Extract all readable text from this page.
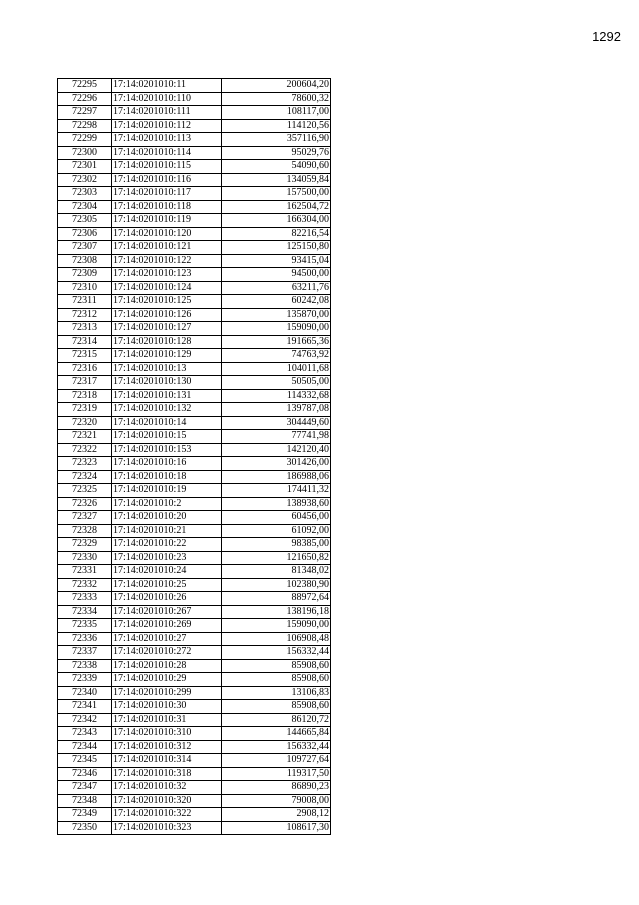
1292
72295	17:14:0201010:11	200604,20
72296	17:14:0201010:110	78600,32
72297	17:14:0201010:111	108117,00
72298	17:14:0201010:112	114120,56
72299	17:14:0201010:113	357116,90
72300	17:14:0201010:114	95029,76
72301	17:14:0201010:115	54090,60
72302	17:14:0201010:116	134059,84
72303	17:14:0201010:117	157500,00
72304	17:14:0201010:118	162504,72
72305	17:14:0201010:119	166304,00
72306	17:14:0201010:120	82216,54
72307	17:14:0201010:121	125150,80
72308	17:14:0201010:122	93415,04
72309	17:14:0201010:123	94500,00
72310	17:14:0201010:124	63211,76
72311	17:14:0201010:125	60242,08
72312	17:14:0201010:126	135870,00
72313	17:14:0201010:127	159090,00
72314	17:14:0201010:128	191665,36
72315	17:14:0201010:129	74763,92
72316	17:14:0201010:13	104011,68
72317	17:14:0201010:130	50505,00
72318	17:14:0201010:131	114332,68
72319	17:14:0201010:132	139787,08
72320	17:14:0201010:14	304449,60
72321	17:14:0201010:15	77741,98
72322	17:14:0201010:153	142120,40
72323	17:14:0201010:16	301426,00
72324	17:14:0201010:18	186988,06
72325	17:14:0201010:19	174411,32
72326	17:14:0201010:2	138938,60
72327	17:14:0201010:20	60456,00
72328	17:14:0201010:21	61092,00
72329	17:14:0201010:22	98385,00
72330	17:14:0201010:23	121650,82
72331	17:14:0201010:24	81348,02
72332	17:14:0201010:25	102380,90
72333	17:14:0201010:26	88972,64
72334	17:14:0201010:267	138196,18
72335	17:14:0201010:269	159090,00
72336	17:14:0201010:27	106908,48
72337	17:14:0201010:272	156332,44
72338	17:14:0201010:28	85908,60
72339	17:14:0201010:29	85908,60
72340	17:14:0201010:299	13106,83
72341	17:14:0201010:30	85908,60
72342	17:14:0201010:31	86120,72
72343	17:14:0201010:310	144665,84
72344	17:14:0201010:312	156332,44
72345	17:14:0201010:314	109727,64
72346	17:14:0201010:318	119317,50
72347	17:14:0201010:32	86890,23
72348	17:14:0201010:320	79008,00
72349	17:14:0201010:322	2908,12
72350	17:14:0201010:323	108617,30
